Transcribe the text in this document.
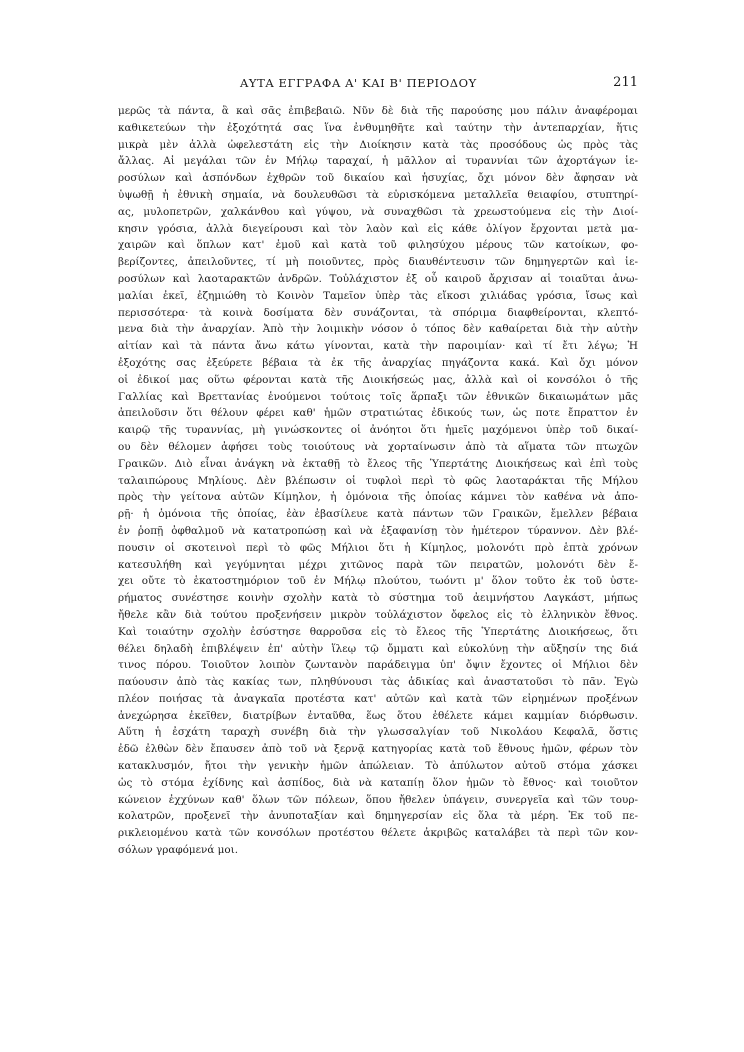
ΑΥΤΑ ΕΓΓΡΑΦΑ Α' ΚΑΙ Β' ΠΕΡΙΟΔΟΥ	211
μερῶς τὰ πάντα, ἃ καὶ σᾶς ἐπιβεβαιῶ. Νῦν δὲ διὰ τῆς παρούσης μου πάλιν ἀναφέρομαι
καθικετεύων τὴν ἐξοχότητά σας ἵνα ἐνθυμηθῆτε καὶ ταύτην τὴν ἀντεπαρχίαν, ἥτις
μικρὰ μὲν ἀλλὰ ὠφελεστάτη εἰς τὴν Διοίκησιν κατὰ τὰς προσόδους ὡς πρὸς τὰς
ἄλλας. Αἱ μεγάλαι τῶν ἐν Μήλῳ ταραχαί, ἡ μᾶλλον αἱ τυραννίαι τῶν ἀχορτάγων ἱε-
ροσύλων καὶ ἀσπόνδων ἐχθρῶν τοῦ δικαίου καὶ ἡσυχίας, ὄχι μόνον δὲν ἄφησαν νὰ
ὑψωθῇ ἡ ἐθνικὴ σημαία, νὰ δουλευθῶσι τὰ εὑρισκόμενα μεταλλεῖα θειαφίου, στυπτηρί-
ας, μυλοπετρῶν, χαλκάνθου καὶ γύψου, νὰ συναχθῶσι τὰ χρεωστούμενα εἰς τὴν Διοί-
κησιν γρόσια, ἀλλὰ διεγείρουσι καὶ τὸν λαὸν καὶ εἰς κάθε ὀλίγον ἔρχονται μετὰ μα-
χαιρῶν καὶ ὅπλων κατ' ἐμοῦ καὶ κατὰ τοῦ φιλησύχου μέρους τῶν κατοίκων, φο-
βερίζοντες, ἀπειλοῦντες, τί μὴ ποιοῦντες, πρὸς διαυθέντευσιν τῶν δημηγερτῶν καὶ ἱε-
ροσύλων καὶ λαοταρακτῶν ἀνδρῶν. Τοὐλάχιστον ἐξ οὗ καιροῦ ἄρχισαν αἱ τοιαῦται ἀνω-
μαλίαι ἐκεῖ, ἐζημιώθη τὸ Κοινὸν Ταμεῖον ὑπὲρ τὰς εἴκοσι χιλιάδας γρόσια, ἴσως καὶ
περισσότερα· τὰ κοινὰ δοσίματα δὲν συνάζονται, τὰ σπόριμα διαφθείρονται, κλεπτό-
μενα διὰ τὴν ἀναρχίαν. Ἀπὸ τὴν λοιμικὴν νόσον ὁ τόπος δὲν καθαίρεται διὰ τὴν αὐτὴν
αἰτίαν καὶ τὰ πάντα ἄνω κάτω γίνονται, κατὰ τὴν παροιμίαν· καὶ τί ἔτι λέγω; Ἡ
ἐξοχότης σας ἐξεύρετε βέβαια τὰ ἐκ τῆς ἀναρχίας πηγάζοντα κακά. Καὶ ὄχι μόνον
οἱ ἐδικοί μας οὕτω φέρονται κατὰ τῆς Διοικήσεώς μας, ἀλλὰ καὶ οἱ κονσόλοι ὁ τῆς
Γαλλίας καὶ Βρεττανίας ἑνούμενοι τούτοις τοῖς ἅρπαξι τῶν ἐθνικῶν δικαιωμάτων μᾶς
ἀπειλοῦσιν ὅτι θέλουν φέρει καθ' ἡμῶν στρατιώτας ἐδικούς των, ὡς ποτε ἔπραττον ἐν
καιρῷ τῆς τυραννίας, μὴ γινώσκοντες οἱ ἀνόητοι ὅτι ἡμεῖς μαχόμενοι ὑπὲρ τοῦ δικαί-
ου δὲν θέλομεν ἀφήσει τοὺς τοιούτους νὰ χορταίνωσιν ἀπὸ τὰ αἵματα τῶν πτωχῶν
Γραικῶν. Διὸ εἶναι ἀνάγκη νὰ ἐκταθῇ τὸ ἔλεος τῆς Ὑπερτάτης Διοικήσεως καὶ ἐπὶ τοὺς
ταλαιπώρους Μηλίους. Δὲν βλέπωσιν οἱ τυφλοὶ περὶ τὸ φῶς λαοταράκται τῆς Μήλου
πρὸς τὴν γείτονα αὐτῶν Κίμηλον, ἡ ὁμόνοια τῆς ὁποίας κάμνει τὸν καθένα νὰ ἀπο-
ρῇ· ἡ ὁμόνοια τῆς ὁποίας, ἐὰν ἐβασίλευε κατὰ πάντων τῶν Γραικῶν, ἔμελλεν βέβαια
ἐν ῥοπῇ ὀφθαλμοῦ νὰ κατατροπώσῃ καὶ νὰ ἐξαφανίσῃ τὸν ἡμέτερον τύραννον. Δὲν βλέ-
πουσιν οἱ σκοτεινοὶ περὶ τὸ φῶς Μήλιοι ὅτι ἡ Κίμηλος, μολονότι πρὸ ἑπτὰ χρόνων
κατεσυλήθη καὶ γεγύμνηται μέχρι χιτῶνος παρὰ τῶν πειρατῶν, μολονότι δὲν ἔ-
χει οὔτε τὸ ἑκατοστημόριον τοῦ ἐν Μήλῳ πλούτου, τωόντι μ' ὅλον τοῦτο ἐκ τοῦ ὑστε-
ρήματος συνέστησε κοινὴν σχολὴν κατὰ τὸ σύστημα τοῦ ἀειμνήστου Λαγκάστ, μήπως
ἤθελε κἂν διὰ τούτου προξενήσειν μικρὸν τοὐλάχιστον ὄφελος εἰς τὸ ἑλληνικὸν ἔθνος.
Καὶ τοιαύτην σχολὴν ἐσύστησε θαρροῦσα εἰς τὸ ἔλεος τῆς Ὑπερτάτης Διοικήσεως, ὅτι
θέλει δηλαδὴ ἐπιβλέψειν ἐπ' αὐτὴν ἵλεῳ τῷ ὄμματι καὶ εὐκολύνῃ τὴν αὔξησίν της διά
τινος πόρου. Τοιοῦτον λοιπὸν ζωντανὸν παράδειγμα ὑπ' ὄψιν ἔχοντες οἱ Μήλιοι δὲν
παύουσιν ἀπὸ τὰς κακίας των, πληθύνουσι τὰς ἀδικίας καὶ ἀναστατοῦσι τὸ πᾶν. Ἐγὼ
πλέον ποιήσας τὰ ἀναγκαῖα προτέστα κατ' αὐτῶν καὶ κατὰ τῶν εἰρημένων προξένων
ἀνεχώρησα ἐκεῖθεν, διατρίβων ἐνταῦθα, ἕως ὅτου ἐθέλετε κάμει καμμίαν διόρθωσιν.
Αὕτη ἡ ἐσχάτη ταραχὴ συνέβη διὰ τὴν γλωσσαλγίαν τοῦ Νικολάου Κεφαλᾶ, ὅστις
ἐδῶ ἐλθὼν δὲν ἔπαυσεν ἀπὸ τοῦ νὰ ξερνᾷ κατηγορίας κατὰ τοῦ ἔθνους ἡμῶν, φέρων τὸν
κατακλυσμόν, ἤτοι τὴν γενικὴν ἡμῶν ἀπώλειαν. Τὸ ἀπύλωτον αὐτοῦ στόμα χάσκει
ὡς τὸ στόμα ἐχίδνης καὶ ἀσπίδος, διὰ νὰ καταπίῃ ὅλον ἡμῶν τὸ ἔθνος· καὶ τοιοῦτον
κώνειον ἐχχύνων καθ' ὅλων τῶν πόλεων, ὅπου ἤθελεν ὑπάγειν, συνεργεῖα καὶ τῶν τουρ-
κολατρῶν, προξενεῖ τὴν ἀνυποταξίαν καὶ δημηγερσίαν εἰς ὅλα τὰ μέρη. Ἐκ τοῦ πε-
ρικλειομένου κατὰ τῶν κονσόλων προτέστου θέλετε ἀκριβῶς καταλάβει τὰ περὶ τῶν κον-
σόλων γραφόμενά μοι.
